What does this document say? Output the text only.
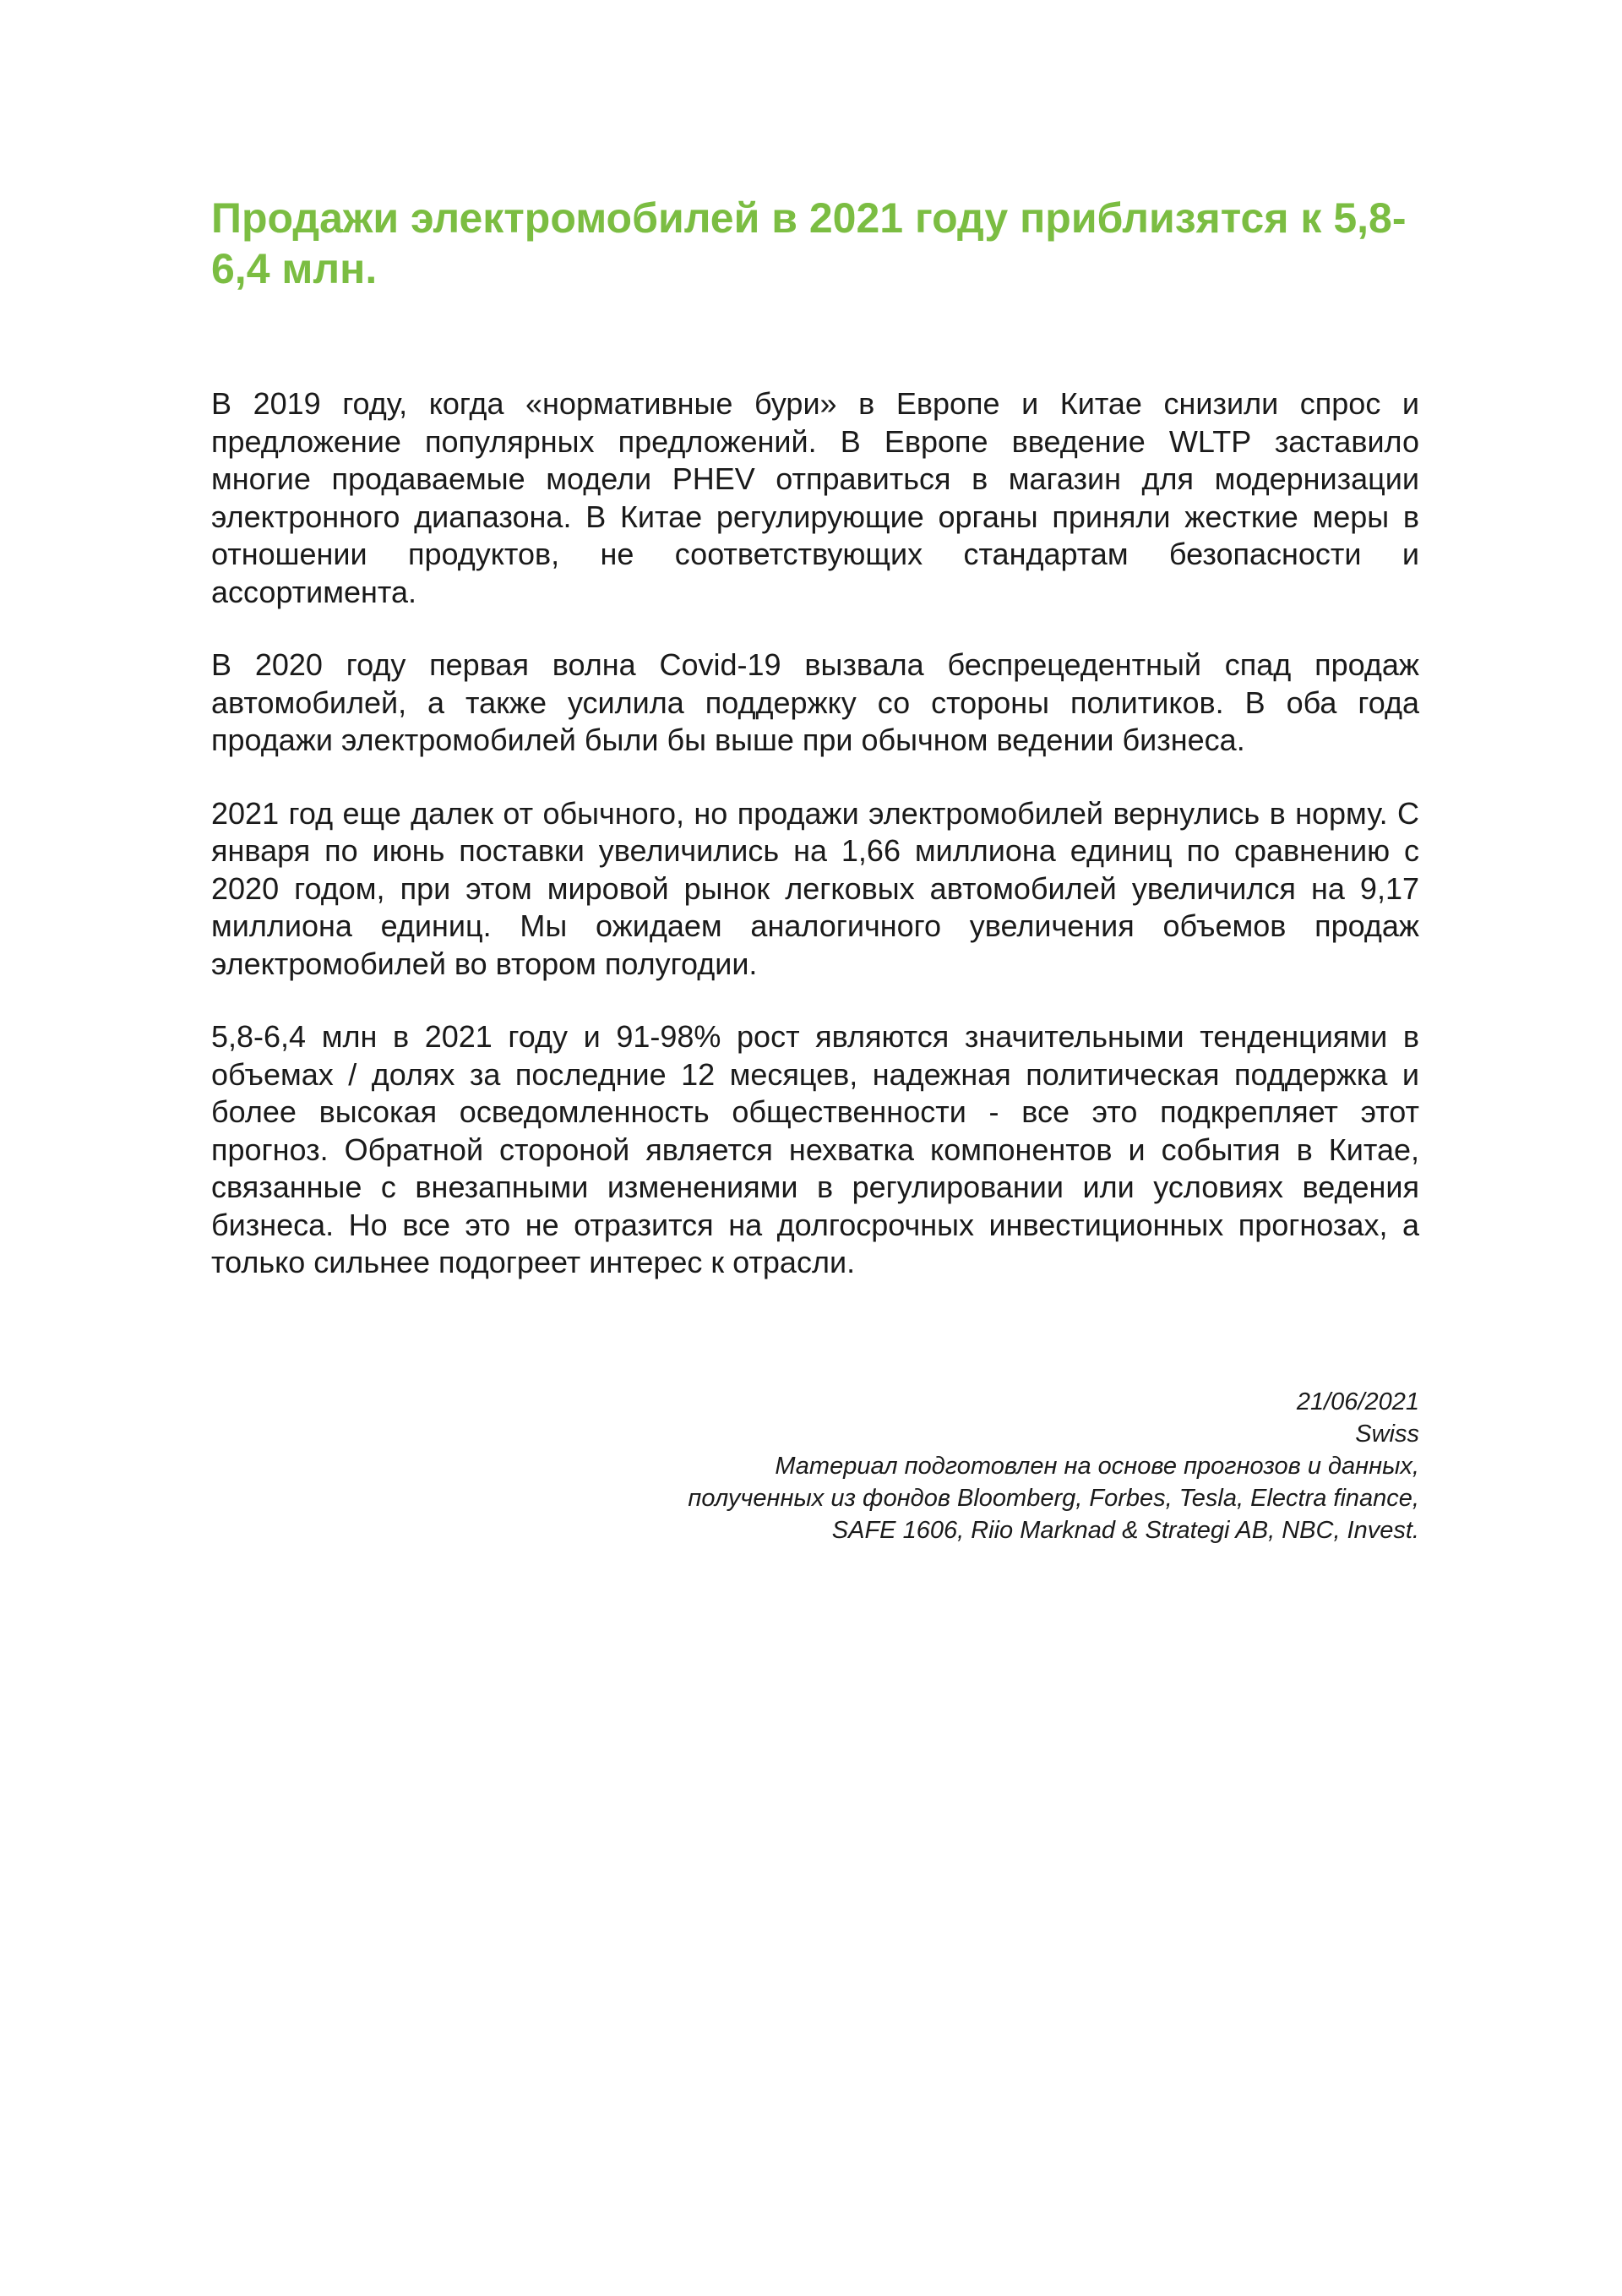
Продажи электромобилей в 2021 году приблизятся к 5,8-6,4 млн.

В 2019 году, когда «нормативные бури» в Европе и Китае снизили спрос и предложение популярных предложений. В Европе введение WLTP заставило многие продаваемые модели PHEV отправиться в магазин для модернизации электронного диапазона. В Китае регулирующие органы приняли жесткие меры в отношении продуктов, не соответствующих стандартам безопасности и ассортимента.

В 2020 году первая волна Covid-19 вызвала беспрецедентный спад продаж автомобилей, а также усилила поддержку со стороны политиков. В оба года продажи электромобилей были бы выше при обычном ведении бизнеса.

2021 год еще далек от обычного, но продажи электромобилей вернулись в норму. С января по июнь поставки увеличились на 1,66 миллиона единиц по сравнению с 2020 годом, при этом мировой рынок легковых автомобилей увеличился на 9,17 миллиона единиц. Мы ожидаем аналогичного увеличения объемов продаж электромобилей во втором полугодии.

5,8-6,4 млн в 2021 году и 91-98% рост являются значительными тенденциями в объемах / долях за последние 12 месяцев, надежная политическая поддержка и более высокая осведомленность общественности - все это подкрепляет этот прогноз. Обратной стороной является нехватка компонентов и события в Китае, связанные с внезапными изменениями в регулировании или условиях ведения бизнеса. Но все это не отразится на долгосрочных инвестиционных прогнозах, а только сильнее подогреет интерес к отрасли.

21/06/2021
Swiss
Материал подготовлен на основе прогнозов и данных,
полученных из фондов Bloomberg, Forbes, Tesla, Electra finance,
SAFE 1606, Riio Marknad & Strategi AB, NBC, Invest.
